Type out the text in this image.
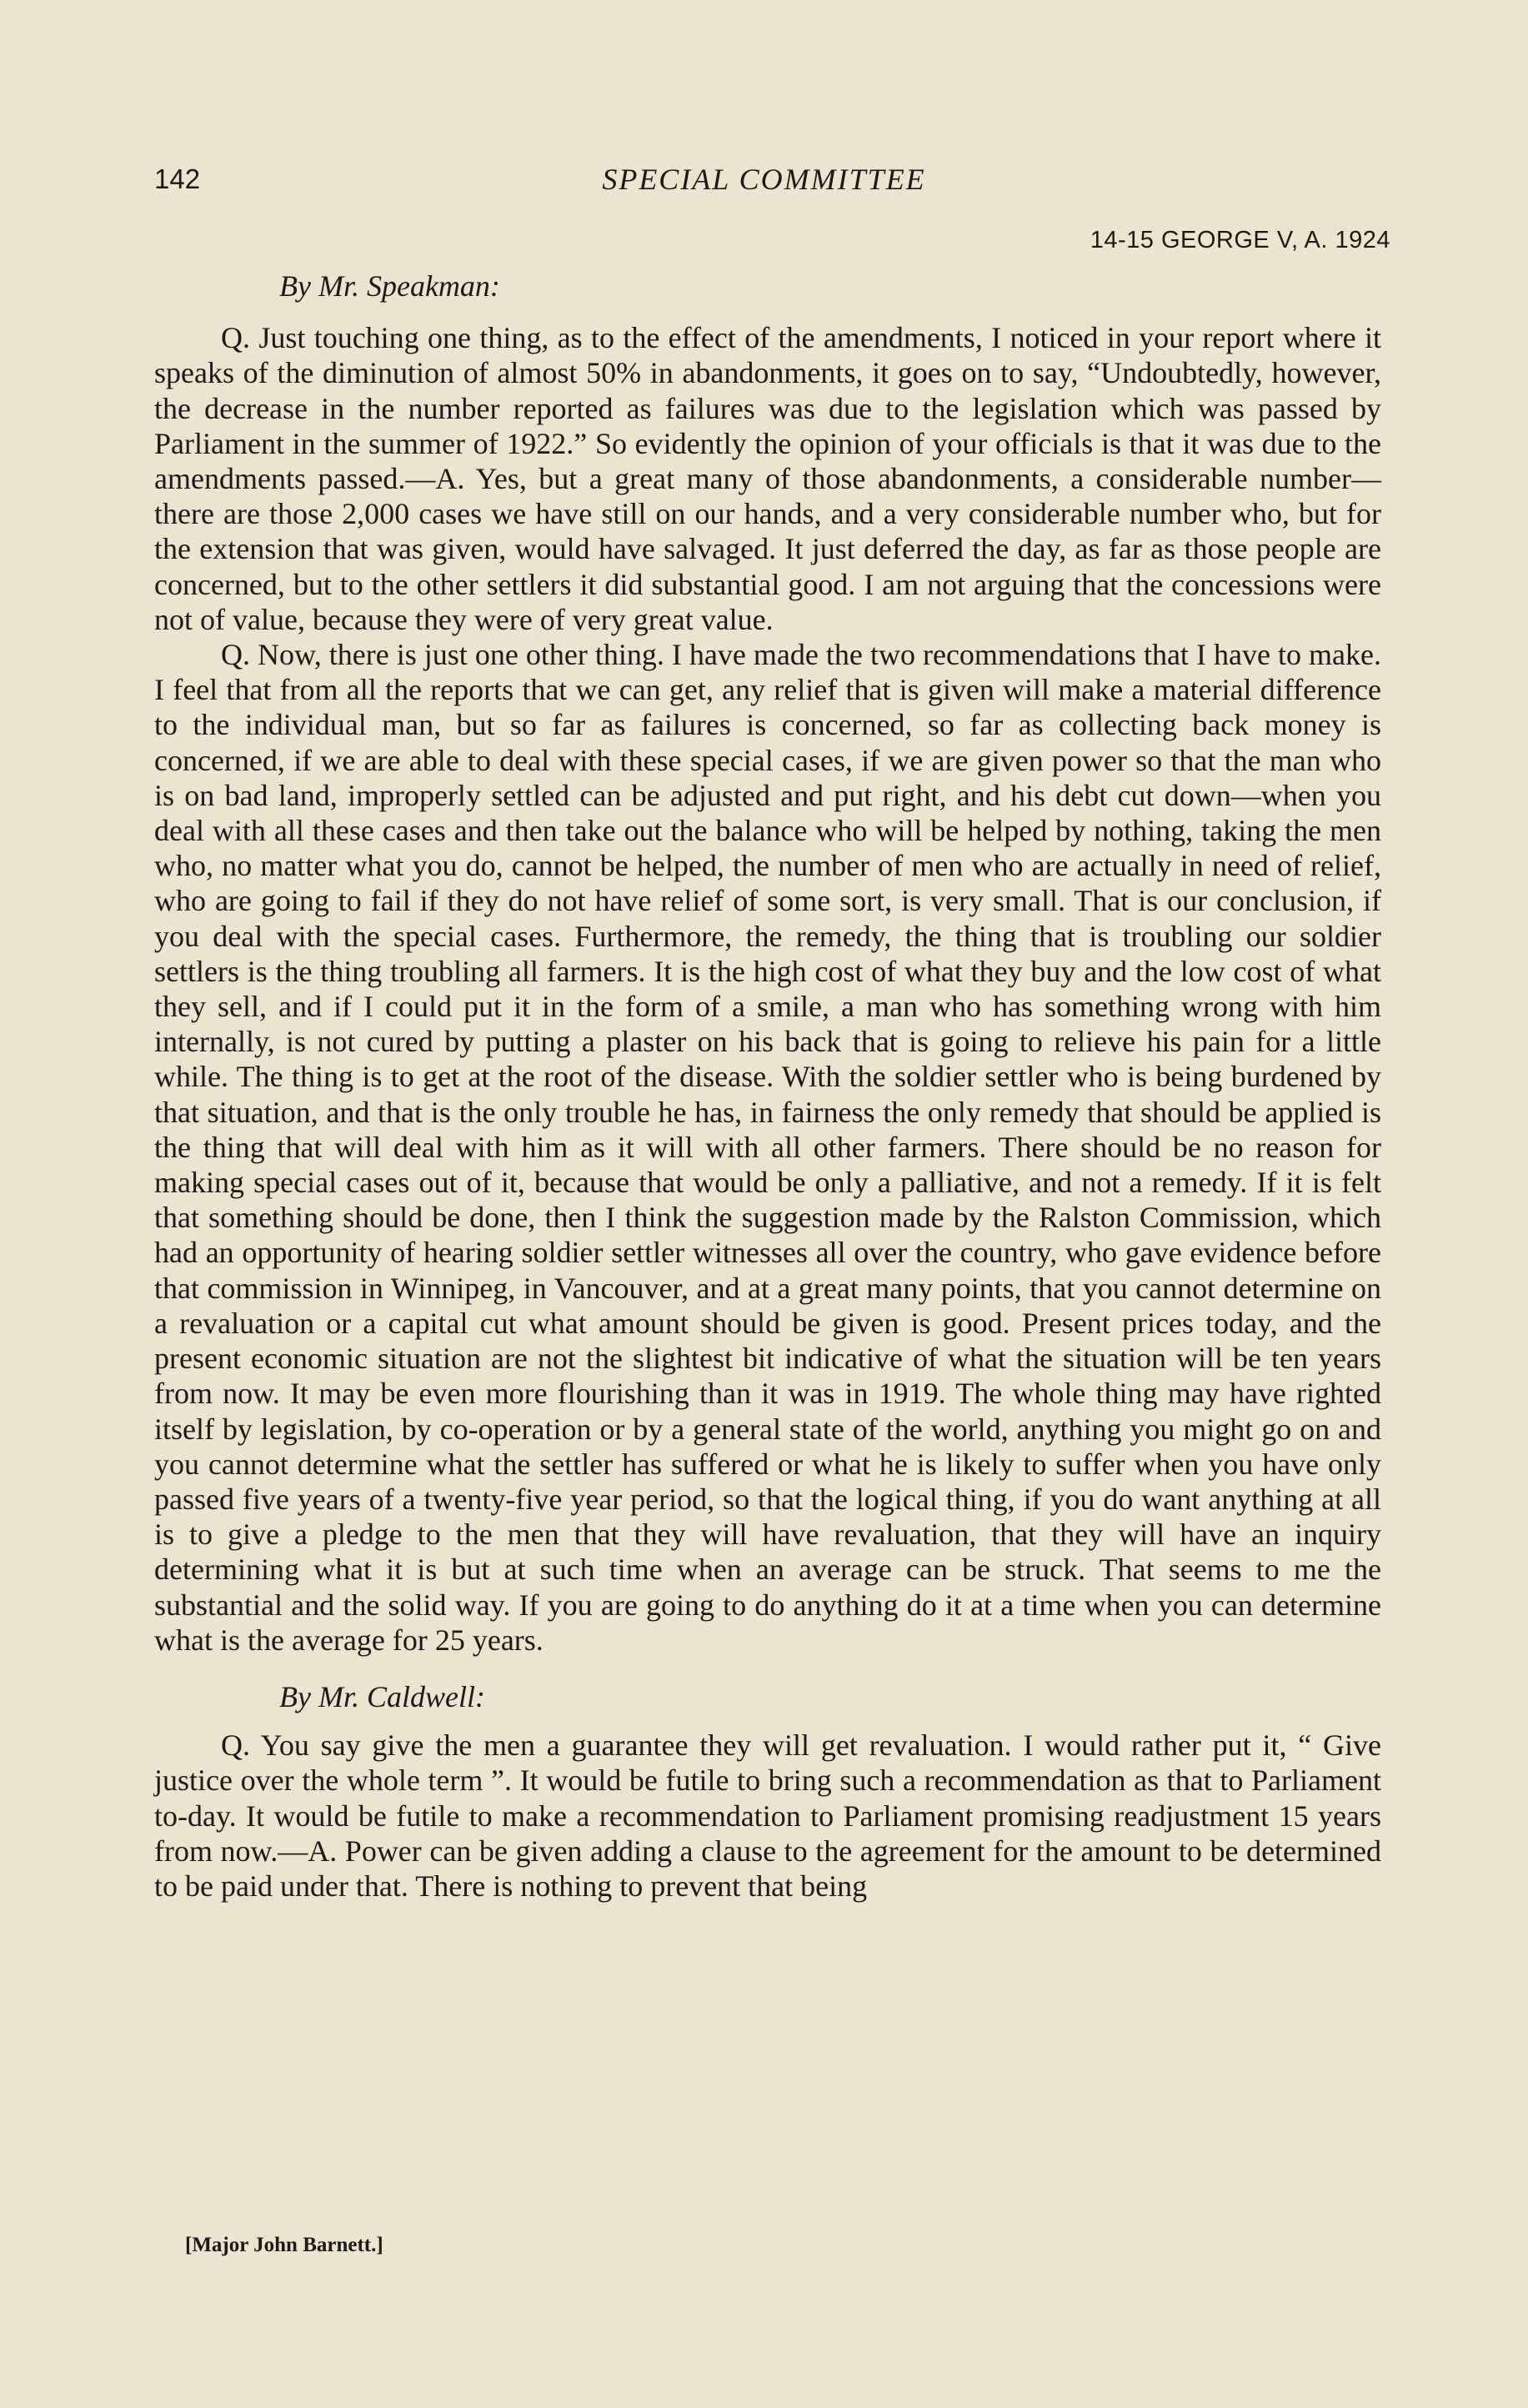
142	SPECIAL COMMITTEE
14-15 GEORGE V, A. 1924
By Mr. Speakman:

Q. Just touching one thing, as to the effect of the amendments, I noticed in your report where it speaks of the diminution of almost 50% in abandonments, it goes on to say, “Undoubtedly, however, the decrease in the number reported as failures was due to the legislation which was passed by Parliament in the summer of 1922.” So evidently the opinion of your officials is that it was due to the amendments passed.—A. Yes, but a great many of those abandonments, a considerable number—there are those 2,000 cases we have still on our hands, and a very considerable number who, but for the extension that was given, would have salvaged. It just deferred the day, as far as those people are concerned, but to the other settlers it did substantial good. I am not arguing that the concessions were not of value, because they were of very great value.

Q. Now, there is just one other thing. I have made the two recommendations that I have to make. I feel that from all the reports that we can get, any relief that is given will make a material difference to the individual man, but so far as failures is concerned, so far as collecting back money is concerned, if we are able to deal with these special cases, if we are given power so that the man who is on bad land, improperly settled can be adjusted and put right, and his debt cut down—when you deal with all these cases and then take out the balance who will be helped by nothing, taking the men who, no matter what you do, cannot be helped, the number of men who are actually in need of relief, who are going to fail if they do not have relief of some sort, is very small. That is our conclusion, if you deal with the special cases. Furthermore, the remedy, the thing that is troubling our soldier settlers is the thing troubling all farmers. It is the high cost of what they buy and the low cost of what they sell, and if I could put it in the form of a smile, a man who has something wrong with him internally, is not cured by putting a plaster on his back that is going to relieve his pain for a little while. The thing is to get at the root of the disease. With the soldier settler who is being burdened by that situation, and that is the only trouble he has, in fairness the only remedy that should be applied is the thing that will deal with him as it will with all other farmers. There should be no reason for making special cases out of it, because that would be only a palliative, and not a remedy. If it is felt that something should be done, then I think the suggestion made by the Ralston Commission, which had an opportunity of hearing soldier settler witnesses all over the country, who gave evidence before that commission in Winnipeg, in Vancouver, and at a great many points, that you cannot determine on a revaluation or a capital cut what amount should be given is good. Present prices today, and the present economic situation are not the slightest bit indicative of what the situation will be ten years from now. It may be even more flourishing than it was in 1919. The whole thing may have righted itself by legislation, by co-operation or by a general state of the world, anything you might go on and you cannot determine what the settler has suffered or what he is likely to suffer when you have only passed five years of a twenty-five year period, so that the logical thing, if you do want anything at all is to give a pledge to the men that they will have revaluation, that they will have an inquiry determining what it is but at such time when an average can be struck. That seems to me the substantial and the solid way. If you are going to do anything do it at a time when you can determine what is the average for 25 years.

By Mr. Caldwell:

Q. You say give the men a guarantee they will get revaluation. I would rather put it, “ Give justice over the whole term ”. It would be futile to bring such a recommendation as that to Parliament to-day. It would be futile to make a recommendation to Parliament promising readjustment 15 years from now.—A. Power can be given adding a clause to the agreement for the amount to be determined to be paid under that. There is nothing to prevent that being

[Major John Barnett.]
